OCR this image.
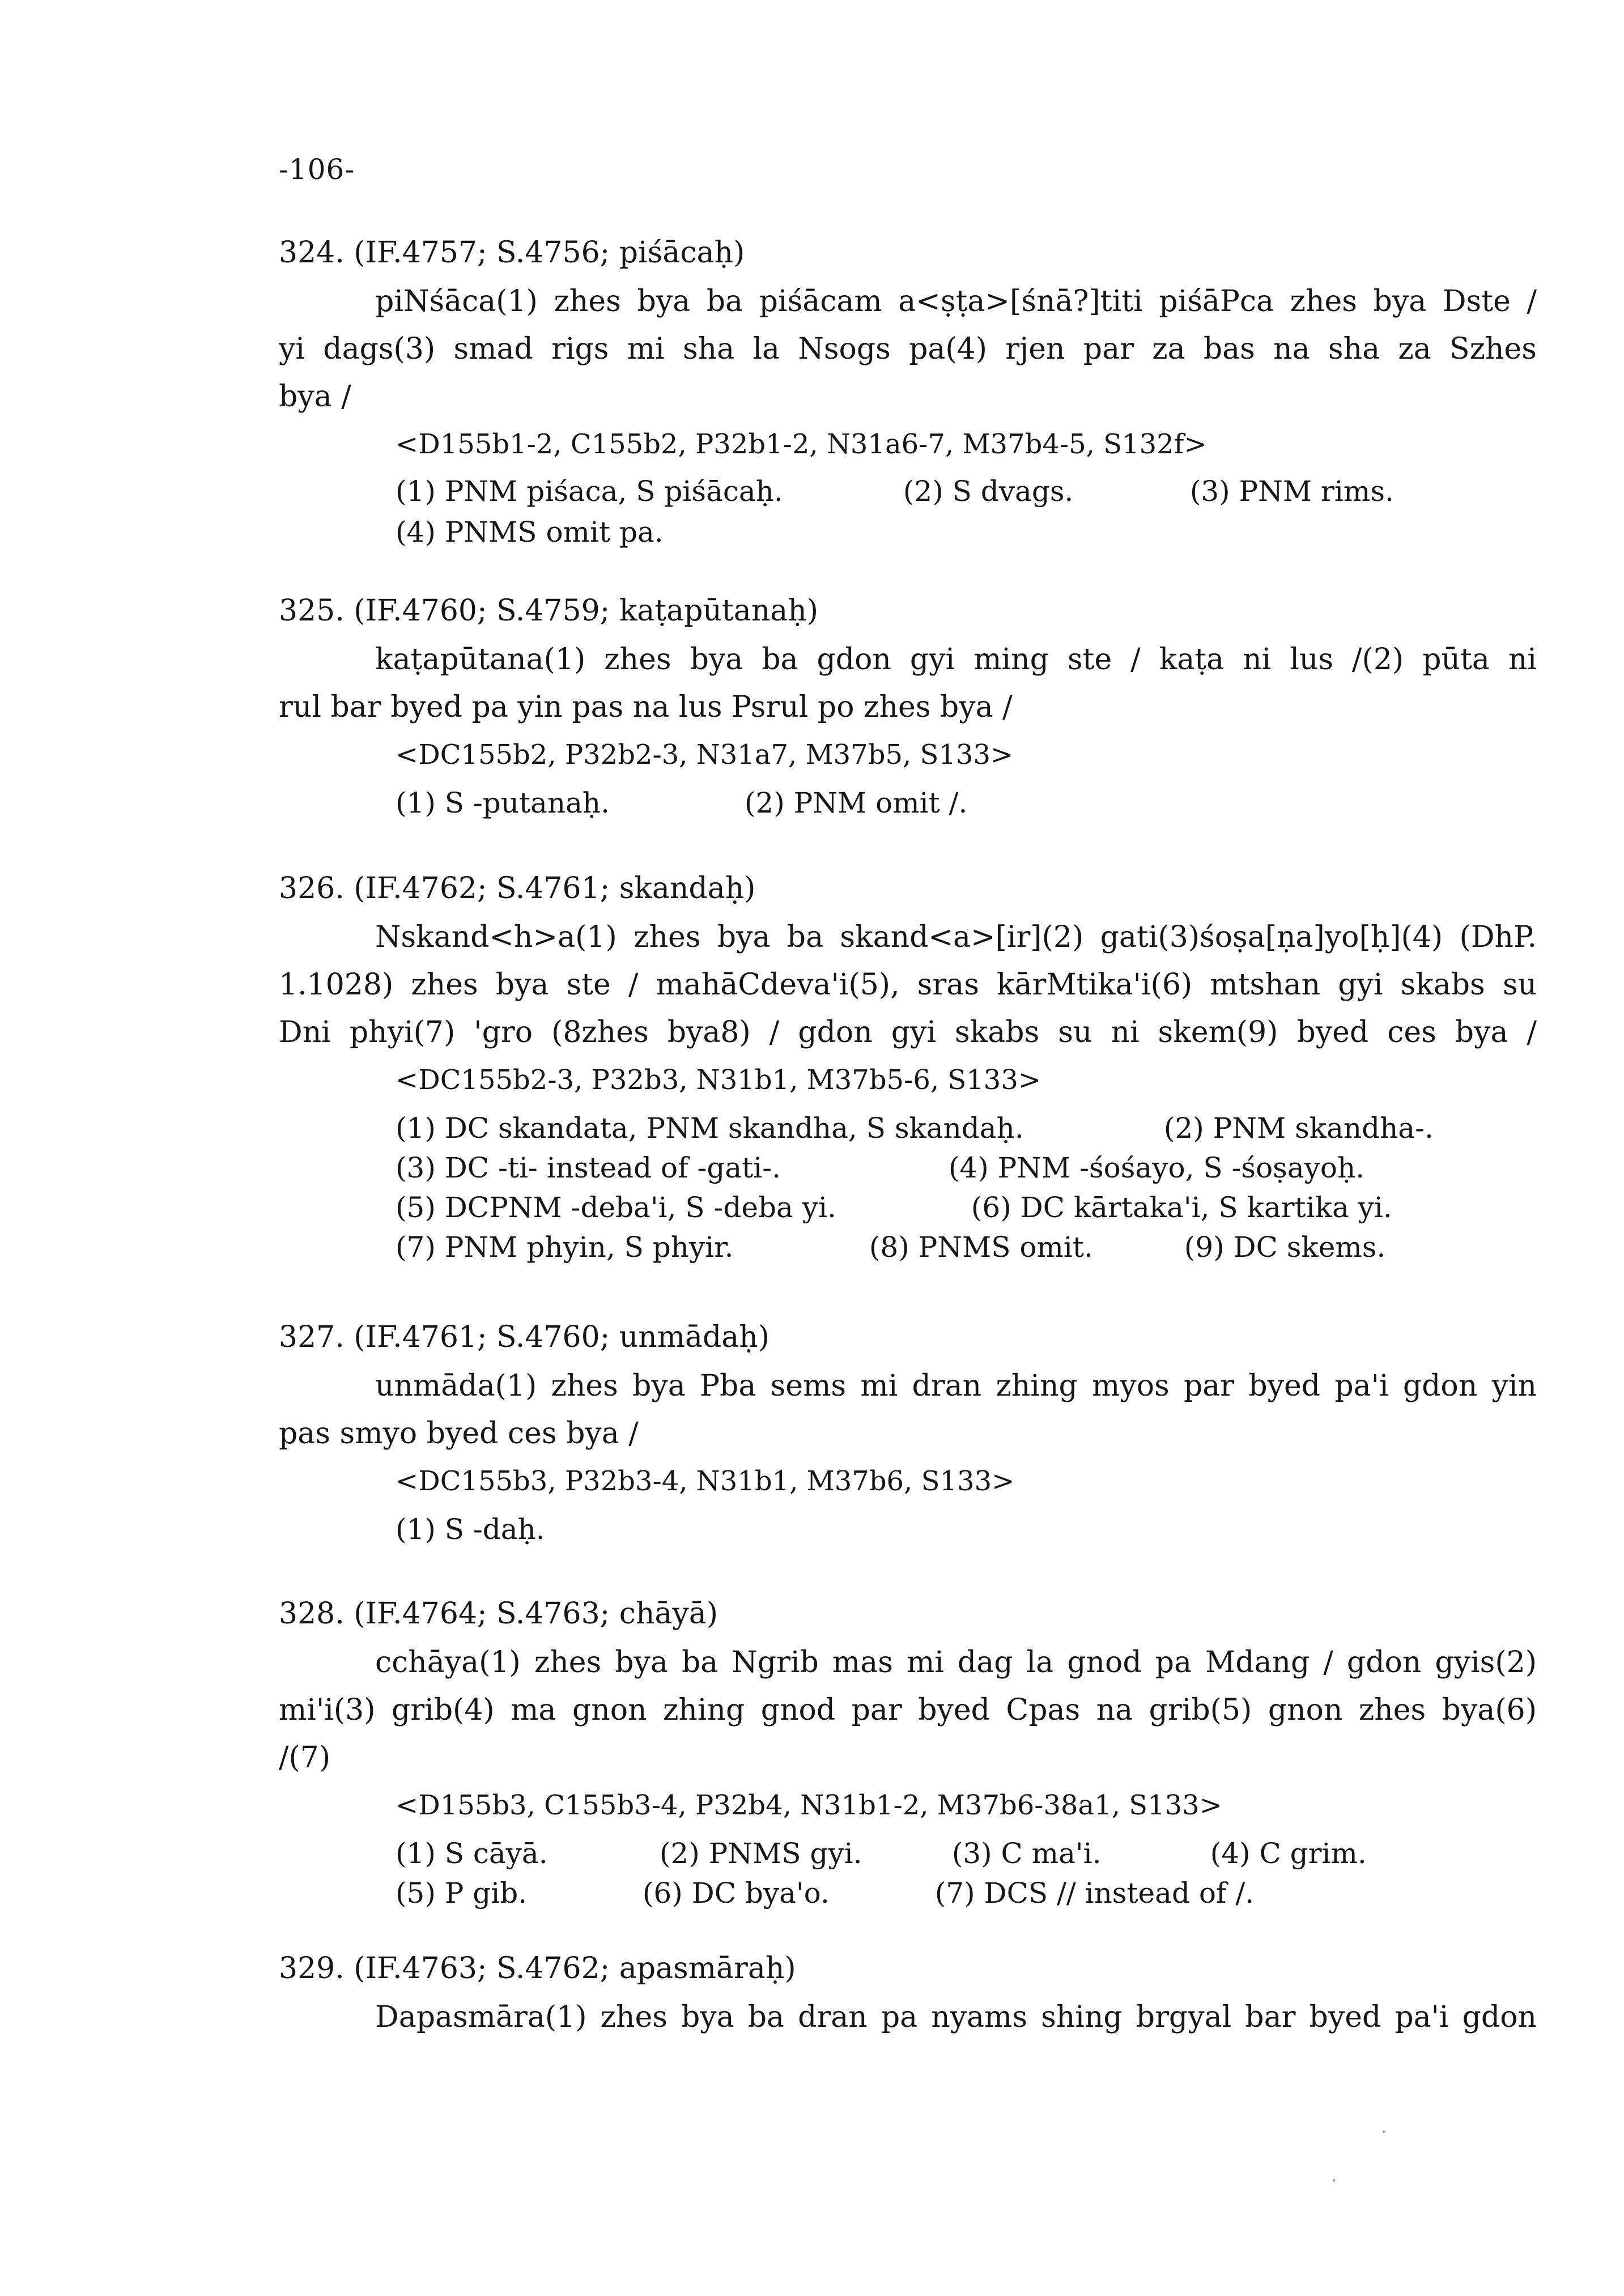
-106-
324. (IF.4757; S.4756; piśācaḥ)
piNśāca(1) zhes bya ba piśācam a<ṣṭa>[śnā?]titi piśāPca zhes bya Dste /
yi dags(3) smad rigs mi sha la Nsogs pa(4) rjen par za bas na sha za Szhes
bya /
<D155b1-2, C155b2, P32b1-2, N31a6-7, M37b4-5, S132f>
(1) PNM piśaca, S piśācaḥ.	(2) S dvags.	(3) PNM rims.
(4) PNMS omit pa.
325. (IF.4760; S.4759; kaṭapūtanaḥ)
kaṭapūtana(1) zhes bya ba gdon gyi ming ste / kaṭa ni lus /(2) pūta ni
rul bar byed pa yin pas na lus Psrul po zhes bya /
<DC155b2, P32b2-3, N31a7, M37b5, S133>
(1) S -putanaḥ.	(2) PNM omit /.
326. (IF.4762; S.4761; skandaḥ)
Nskand<h>a(1) zhes bya ba skand<a>[ir](2) gati(3)śoṣa[ṇa]yo[ḥ](4) (DhP.
1.1028) zhes bya ste / mahāCdeva'i(5), sras kārMtika'i(6) mtshan gyi skabs su
Dni phyi(7) 'gro (8zhes bya8) / gdon gyi skabs su ni skem(9) byed ces bya /
<DC155b2-3, P32b3, N31b1, M37b5-6, S133>
(1) DC skandata, PNM skandha, S skandaḥ.	(2) PNM skandha-.
(3) DC -ti- instead of -gati-.	(4) PNM -śośayo, S -śoṣayoḥ.
(5) DCPNM -deba'i, S -deba yi.	(6) DC kārtaka'i, S kartika yi.
(7) PNM phyin, S phyir.	(8) PNMS omit.	(9) DC skems.
327. (IF.4761; S.4760; unmādaḥ)
unmāda(1) zhes bya Pba sems mi dran zhing myos par byed pa'i gdon yin
pas smyo byed ces bya /
<DC155b3, P32b3-4, N31b1, M37b6, S133>
(1) S -daḥ.
328. (IF.4764; S.4763; chāyā)
cchāya(1) zhes bya ba Ngrib mas mi dag la gnod pa Mdang / gdon gyis(2)
mi'i(3) grib(4) ma gnon zhing gnod par byed Cpas na grib(5) gnon zhes bya(6)
/(7)
<D155b3, C155b3-4, P32b4, N31b1-2, M37b6-38a1, S133>
(1) S cāyā.	(2) PNMS gyi.	(3) C ma'i.	(4) C grim.
(5) P gib.	(6) DC bya'o.	(7) DCS // instead of /.
329. (IF.4763; S.4762; apasmāraḥ)
Dapasmāra(1) zhes bya ba dran pa nyams shing brgyal bar byed pa'i gdon
